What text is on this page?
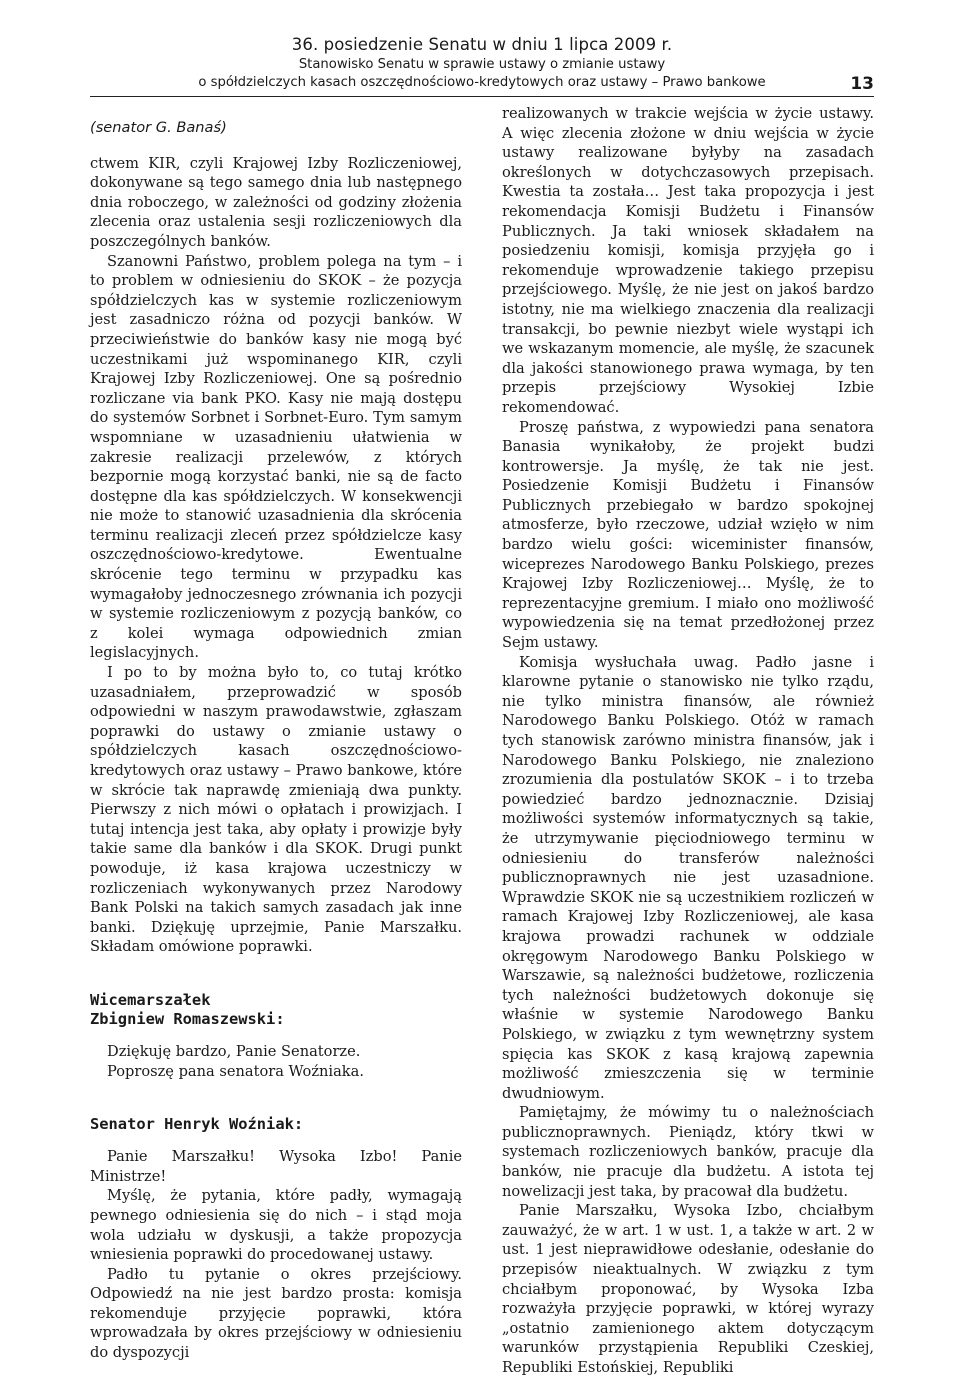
36. posiedzenie Senatu w dniu 1 lipca 2009 r.
Stanowisko Senatu w sprawie ustawy o zmianie ustawy
o spółdzielczych kasach oszczędnościowo-kredytowych oraz ustawy – Prawo bankowe	13

(senator G. Banaś)

ctwem KIR, czyli Krajowej Izby Rozliczeniowej, dokonywane są tego samego dnia lub następnego dnia roboczego, w zależności od godziny złożenia zlecenia oraz ustalenia sesji rozliczeniowych dla poszczególnych banków.

Szanowni Państwo, problem polega na tym – i to problem w odniesieniu do SKOK – że pozycja spółdzielczych kas w systemie rozliczeniowym jest zasadniczo różna od pozycji banków. W przeciwieństwie do banków kasy nie mogą być uczestnikami już wspominanego KIR, czyli Krajowej Izby Rozliczeniowej. One są pośrednio rozliczane via bank PKO. Kasy nie mają dostępu do systemów Sorbnet i Sorbnet-Euro. Tym samym wspomniane w uzasadnieniu ułatwienia w zakresie realizacji przelewów, z których bezpornie mogą korzystać banki, nie są de facto dostępne dla kas spółdzielczych. W konsekwencji nie może to stanowić uzasadnienia dla skrócenia terminu realizacji zleceń przez spółdzielcze kasy oszczędnościowo-kredytowe. Ewentualne skrócenie tego terminu w przypadku kas wymagałoby jednoczesnego zrównania ich pozycji w systemie rozliczeniowym z pozycją banków, co z kolei wymaga odpowiednich zmian legislacyjnych.

I po to by można było to, co tutaj krótko uzasadniałem, przeprowadzić w sposób odpowiedni w naszym prawodawstwie, zgłaszam poprawki do ustawy o zmianie ustawy o spółdzielczych kasach oszczędnościowo-kredytowych oraz ustawy – Prawo bankowe, które w skrócie tak naprawdę zmieniają dwa punkty. Pierwszy z nich mówi o opłatach i prowizjach. I tutaj intencja jest taka, aby opłaty i prowizje były takie same dla banków i dla SKOK. Drugi punkt powoduje, iż kasa krajowa uczestniczy w rozliczeniach wykonywanych przez Narodowy Bank Polski na takich samych zasadach jak inne banki. Dziękuję uprzejmie, Panie Marszałku. Składam omówione poprawki.

Wicemarszałek
Zbigniew Romaszewski:

Dziękuję bardzo, Panie Senatorze.

Poproszę pana senatora Woźniaka.

Senator Henryk Woźniak:

Panie Marszałku! Wysoka Izbo! Panie Ministrze!

Myślę, że pytania, które padły, wymagają pewnego odniesienia się do nich – i stąd moja wola udziału w dyskusji, a także propozycja wniesienia poprawki do procedowanej ustawy.

Padło tu pytanie o okres przejściowy. Odpowiedź na nie jest bardzo prosta: komisja rekomenduje przyjęcie poprawki, która wprowadzała by okres przejściowy w odniesieniu do dyspozycji

realizowanych w trakcie wejścia w życie ustawy. A więc zlecenia złożone w dniu wejścia w życie ustawy realizowane byłyby na zasadach określonych w dotychczasowych przepisach. Kwestia ta została… Jest taka propozycja i jest rekomendacja Komisji Budżetu i Finansów Publicznych. Ja taki wniosek składałem na posiedzeniu komisji, komisja przyjęła go i rekomenduje wprowadzenie takiego przepisu przejściowego. Myślę, że nie jest on jakoś bardzo istotny, nie ma wielkiego znaczenia dla realizacji transakcji, bo pewnie niezbyt wiele wystąpi ich we wskazanym momencie, ale myślę, że szacunek dla jakości stanowionego prawa wymaga, by ten przepis przejściowy Wysokiej Izbie rekomendować.

Proszę państwa, z wypowiedzi pana senatora Banasia wynikałoby, że projekt budzi kontrowersje. Ja myślę, że tak nie jest. Posiedzenie Komisji Budżetu i Finansów Publicznych przebiegało w bardzo spokojnej atmosferze, było rzeczowe, udział wzięło w nim bardzo wielu gości: wiceminister finansów, wiceprezes Narodowego Banku Polskiego, prezes Krajowej Izby Rozliczeniowej… Myślę, że to reprezentacyjne gremium. I miało ono możliwość wypowiedzenia się na temat przedłożonej przez Sejm ustawy.

Komisja wysłuchała uwag. Padło jasne i klarowne pytanie o stanowisko nie tylko rządu, nie tylko ministra finansów, ale również Narodowego Banku Polskiego. Otóż w ramach tych stanowisk zarówno ministra finansów, jak i Narodowego Banku Polskiego, nie znaleziono zrozumienia dla postulatów SKOK – i to trzeba powiedzieć bardzo jednoznacznie. Dzisiaj możliwości systemów informatycznych są takie, że utrzymywanie pięciodniowego terminu w odniesieniu do transferów należności publicznoprawnych nie jest uzasadnione. Wprawdzie SKOK nie są uczestnikiem rozliczeń w ramach Krajowej Izby Rozliczeniowej, ale kasa krajowa prowadzi rachunek w oddziale okręgowym Narodowego Banku Polskiego w Warszawie, są należności budżetowe, rozliczenia tych należności budżetowych dokonuje się właśnie w systemie Narodowego Banku Polskiego, w związku z tym wewnętrzny system spięcia kas SKOK z kasą krajową zapewnia możliwość zmieszczenia się w terminie dwudniowym.

Pamiętajmy, że mówimy tu o należnościach publicznoprawnych. Pieniądz, który tkwi w systemach rozliczeniowych banków, pracuje dla banków, nie pracuje dla budżetu. A istota tej nowelizacji jest taka, by pracował dla budżetu.

Panie Marszałku, Wysoka Izbo, chciałbym zauważyć, że w art. 1 w ust. 1, a także w art. 2 w ust. 1 jest nieprawidłowe odesłanie, odesłanie do przepisów nieaktualnych. W związku z tym chciałbym proponować, by Wysoka Izba rozważyła przyjęcie poprawki, w której wyrazy „ostatnio zamienionego aktem dotyczącym warunków przystąpienia Republiki Czeskiej, Republiki Estońskiej, Republiki
